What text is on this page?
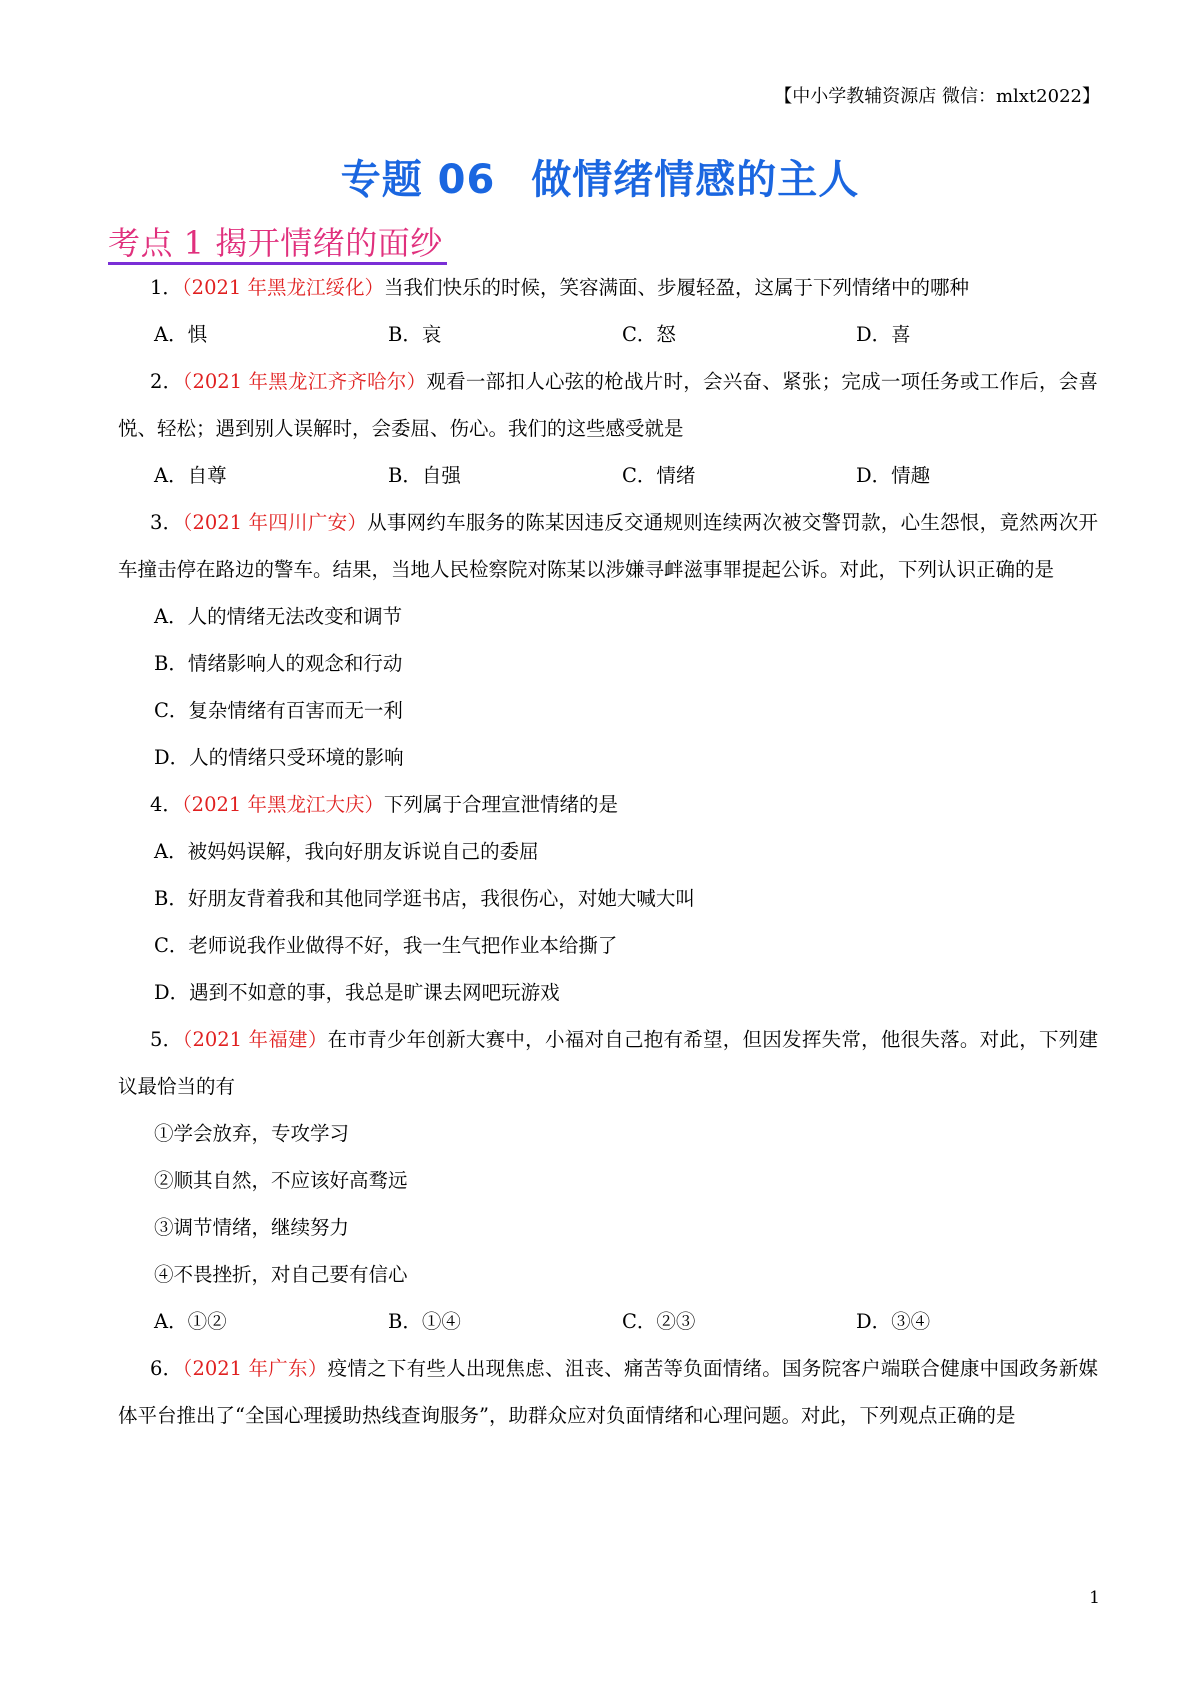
【中小学教辅资源店 微信：mlxt2022】
专题 06 做情绪情感的主人
考点 1 揭开情绪的面纱
1．（2021 年黑龙江绥化）当我们快乐的时候，笑容满面、步履轻盈，这属于下列情绪中的哪种
A．惧	B．哀	C．怒	D．喜
2．（2021 年黑龙江齐齐哈尔）观看一部扣人心弦的枪战片时，会兴奋、紧张；完成一项任务或工作后，会喜悦、轻松；遇到别人误解时，会委屈、伤心。我们的这些感受就是
A．自尊	B．自强	C．情绪	D．情趣
3．（2021 年四川广安）从事网约车服务的陈某因违反交通规则连续两次被交警罚款，心生怨恨，竟然两次开车撞击停在路边的警车。结果，当地人民检察院对陈某以涉嫌寻衅滋事罪提起公诉。对此，下列认识正确的是
A．人的情绪无法改变和调节
B．情绪影响人的观念和行动
C．复杂情绪有百害而无一利
D．人的情绪只受环境的影响
4．（2021 年黑龙江大庆）下列属于合理宣泄情绪的是
A．被妈妈误解，我向好朋友诉说自己的委屈
B．好朋友背着我和其他同学逛书店，我很伤心，对她大喊大叫
C．老师说我作业做得不好，我一生气把作业本给撕了
D．遇到不如意的事，我总是旷课去网吧玩游戏
5．（2021 年福建）在市青少年创新大赛中，小福对自己抱有希望，但因发挥失常，他很失落。对此，下列建议最恰当的有
①学会放弃，专攻学习
②顺其自然，不应该好高骛远
③调节情绪，继续努力
④不畏挫折，对自己要有信心
A．①②	B．①④	C．②③	D．③④
6．（2021 年广东）疫情之下有些人出现焦虑、沮丧、痛苦等负面情绪。国务院客户端联合健康中国政务新媒体平台推出了“全国心理援助热线查询服务”，助群众应对负面情绪和心理问题。对此，下列观点正确的是
1
